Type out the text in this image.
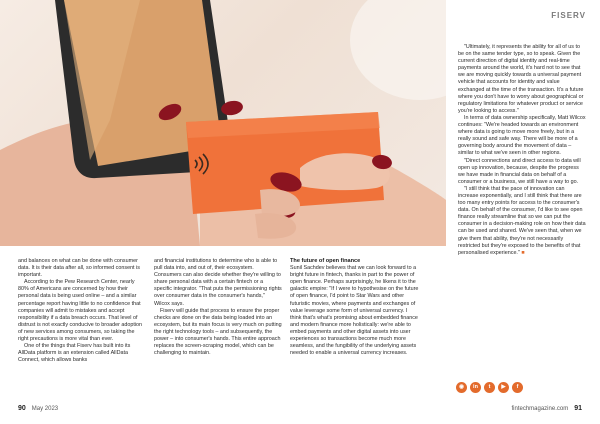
FISERV

and balances on what can be done with consumer data. It is their data after all, so informed consent is important.

According to the Pew Research Center, nearly 80% of Americans are concerned by how their personal data is being used online – and a similar percentage report having little to no confidence that companies will admit to mistakes and accept responsibility if a data breach occurs. That level of distrust is not exactly conducive to broader adoption of new services among consumers, so taking the right precautions is more vital than ever.

One of the things that Fiserv has built into its AllData platform is an extension called AllData Connect, which allows banks

and financial institutions to determine who is able to pull data into, and out of, their ecosystem. Consumers can also decide whether they're willing to share personal data with a certain fintech or a specific integrator. "That puts the permissioning rights over consumer data in the consumer's hands," Wilcox says.

Fiserv will guide that process to ensure the proper checks are done on the data being loaded into an ecosystem, but its main focus is very much on putting the right technology tools – and subsequently, the power – into consumer's hands. This entire approach replaces the screen-scraping model, which can be challenging to maintain.

The future of open finance

Sunil Sachdev believes that we can look forward to a bright future in fintech, thanks in part to the power of open finance. Perhaps surprisingly, he likens it to the galactic empire: "If I were to hypothesise on the future of open finance, I'd point to Star Wars and other futuristic movies, where payments and exchanges of value leverage some form of universal currency. I think that's what's promising about embedded finance and modern finance more holistically: we're able to embed payments and other digital assets into user experiences so transactions become much more seamless, and the fungibility of the underlying assets needed to enable a universal currency increases.

"Ultimately, it represents the ability for all of us to be on the same tender type, so to speak. Given the current direction of digital identity and real-time payments around the world, it's hard not to see that we are moving quickly towards a universal payment vehicle that accounts for identity and value exchanged at the time of the transaction. It's a future where you don't have to worry about geographical or regulatory limitations for whatever product or service you're looking to access."

In terms of data ownership specifically, Matt Wilcox continues: "We're headed towards an environment where data is going to move more freely, but in a really sound and safe way. There will be more of a governing body around the movement of data – similar to what we've seen in other regions.

"Direct connections and direct access to data will open up innovation, because, despite the progress we have made in financial data on behalf of a consumer or a business, we still have a way to go.

"I still think that the pace of innovation can increase exponentially, and I still think that there are too many entry points for access to the consumer's data. On behalf of the consumer, I'd like to see open finance really streamline that so we can put the consumer in a decision-making role on how their data can be used and shared. We've seen that, when we give them that ability, they're not necessarily restricted but they're exposed to the benefits of that personalised experience." ■

◉	in	t	▶	f
90 May 2023	fintechmagazine.com 91
